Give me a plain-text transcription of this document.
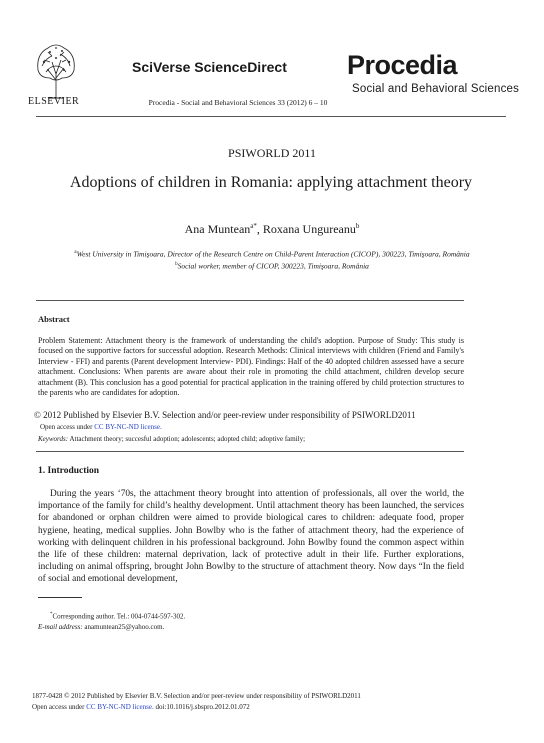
ELSEVIER
SciVerse ScienceDirect
Procedia - Social and Behavioral Sciences 33 (2012) 6 – 10
Procedia
Social and Behavioral Sciences
PSIWORLD 2011
Adoptions of children in Romania: applying attachment theory
Ana Muntean$^{a*}$, Roxana Ungureanu$^b$
$^a$West University in Timişoara, Director of the Research Centre on Child-Parent Interaction (CICOP), 300223, Timişoara, România
$^b$Social worker, member of CICOP, 300223, Timişoara, România
Abstract
Problem Statement: Attachment theory is the framework of understanding the child's adoption. Purpose of Study: This study is focused on the supportive factors for successful adoption. Research Methods: Clinical interviews with children (Friend and Family's Interview - FFI) and parents (Parent development Interview- PDI). Findings: Half of the 40 adopted children assessed have a secure attachment. Conclusions: When parents are aware about their role in promoting the child attachment, children develop secure attachment (B). This conclusion has a good potential for practical application in the training offered by child protection structures to the parents who are candidates for adoption.
© 2012 Published by Elsevier B.V. Selection and/or peer-review under responsibility of PSIWORLD2011
Open access under CC BY-NC-ND license.
Keywords: Attachment theory; succesful adoption; adolescents; adopted child; adoptive family;
1. Introduction
During the years ‘70s, the attachment theory brought into attention of professionals, all over the world, the importance of the family for child’s healthy development. Until attachment theory has been launched, the services for abandoned or orphan children were aimed to provide biological cares to children: adequate food, proper hygiene, heating, medical supplies. John Bowlby who is the father of attachment theory, had the experience of working with delinquent children in his professional background. John Bowlby found the common aspect within the life of these children: maternal deprivation, lack of protective adult in their life. Further explorations, including on animal offspring, brought John Bowlby to the structure of attachment theory. Now days “In the field of social and emotional development,
*Corresponding author. Tel.: 004-0744-597-302.
E-mail address: anamuntean25@yahoo.com.
1877-0428 © 2012 Published by Elsevier B.V. Selection and/or peer-review under responsibility of PSIWORLD2011
Open access under CC BY-NC-ND license. doi:10.1016/j.sbspro.2012.01.072
